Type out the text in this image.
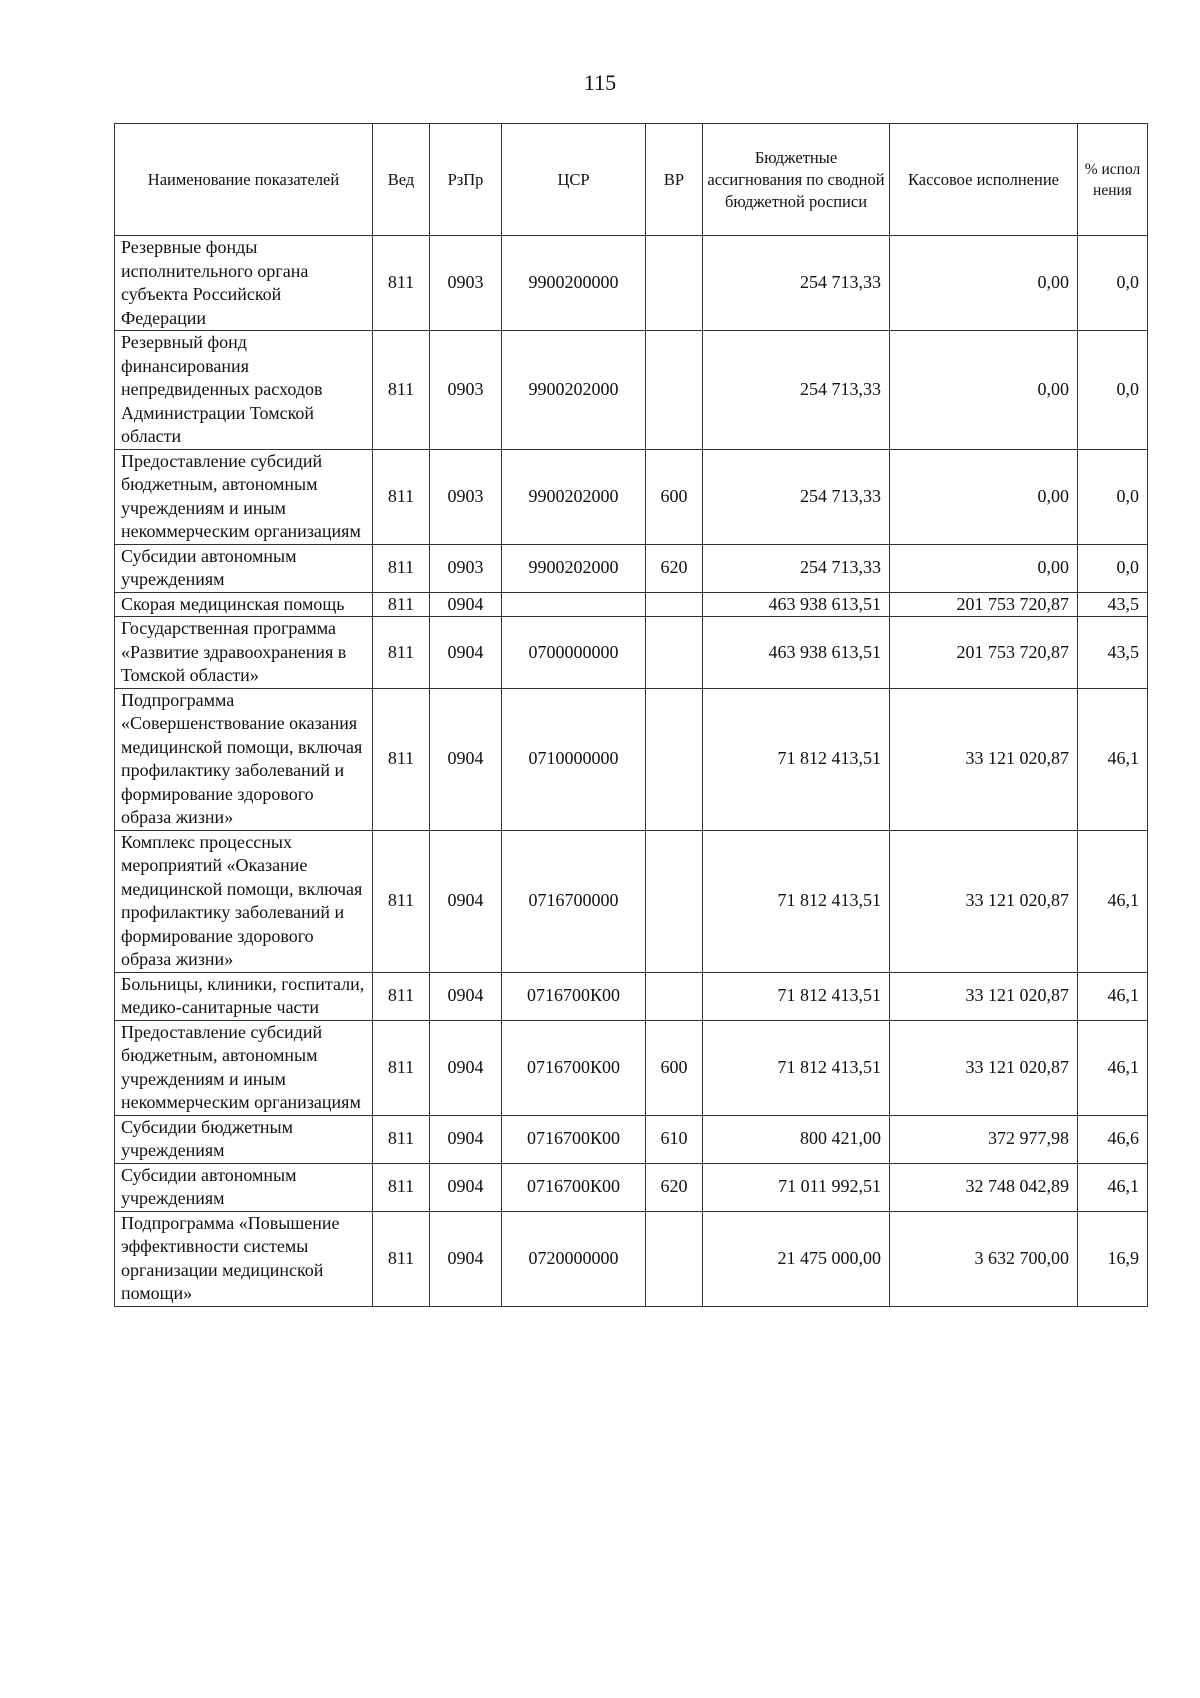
115
Наименование показателей	Вед	РзПр	ЦСР	ВР	Бюджетные ассигнования по сводной бюджетной росписи	Кассовое исполнение	% испол нения
Резервные фонды исполнительного органа субъекта Российской Федерации	811	0903	9900200000		254 713,33	0,00	0,0
Резервный фонд финансирования непредвиденных расходов Администрации Томской области	811	0903	9900202000		254 713,33	0,00	0,0
Предоставление субсидий бюджетным, автономным учреждениям и иным некоммерческим организациям	811	0903	9900202000	600	254 713,33	0,00	0,0
Субсидии автономным учреждениям	811	0903	9900202000	620	254 713,33	0,00	0,0
Скорая медицинская помощь	811	0904			463 938 613,51	201 753 720,87	43,5
Государственная программа «Развитие здравоохранения в Томской области»	811	0904	0700000000		463 938 613,51	201 753 720,87	43,5
Подпрограмма «Совершенствование оказания медицинской помощи, включая профилактику заболеваний и формирование здорового образа жизни»	811	0904	0710000000		71 812 413,51	33 121 020,87	46,1
Комплекс процессных мероприятий «Оказание медицинской помощи, включая профилактику заболеваний и формирование здорового образа жизни»	811	0904	0716700000		71 812 413,51	33 121 020,87	46,1
Больницы, клиники, госпитали, медико-санитарные части	811	0904	0716700К00		71 812 413,51	33 121 020,87	46,1
Предоставление субсидий бюджетным, автономным учреждениям и иным некоммерческим организациям	811	0904	0716700К00	600	71 812 413,51	33 121 020,87	46,1
Субсидии бюджетным учреждениям	811	0904	0716700К00	610	800 421,00	372 977,98	46,6
Субсидии автономным учреждениям	811	0904	0716700К00	620	71 011 992,51	32 748 042,89	46,1
Подпрограмма «Повышение эффективности системы организации медицинской помощи»	811	0904	0720000000		21 475 000,00	3 632 700,00	16,9
